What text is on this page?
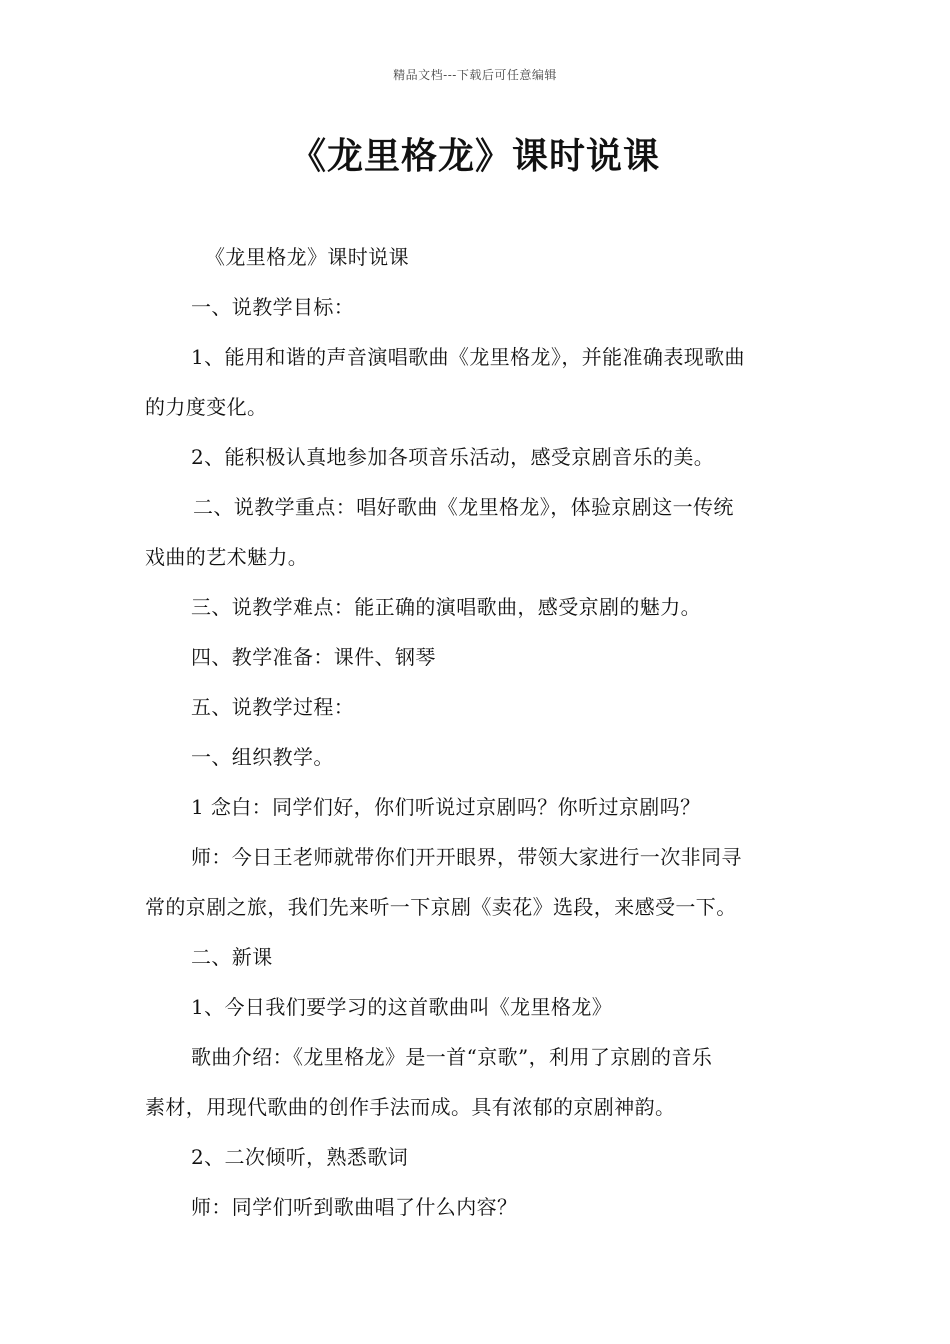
精品文档---下载后可任意编辑
《龙里格龙》课时说课
《龙里格龙》课时说课
一、说教学目标：
1、能用和谐的声音演唱歌曲《龙里格龙》，并能准确表现歌曲
的力度变化。
2、能积极认真地参加各项音乐活动，感受京剧音乐的美。
二、说教学重点：唱好歌曲《龙里格龙》，体验京剧这一传统
戏曲的艺术魅力。
三、说教学难点：能正确的演唱歌曲，感受京剧的魅力。
四、教学准备：课件、钢琴
五、说教学过程：
一、组织教学。
1 念白：同学们好，你们听说过京剧吗？你听过京剧吗？
师：今日王老师就带你们开开眼界，带领大家进行一次非同寻
常的京剧之旅，我们先来听一下京剧《卖花》选段，来感受一下。
二、新课
1、今日我们要学习的这首歌曲叫《龙里格龙》
歌曲介绍：《龙里格龙》是一首“京歌”，利用了京剧的音乐
素材，用现代歌曲的创作手法而成。具有浓郁的京剧神韵。
2、二次倾听，熟悉歌词
师：同学们听到歌曲唱了什么内容？
